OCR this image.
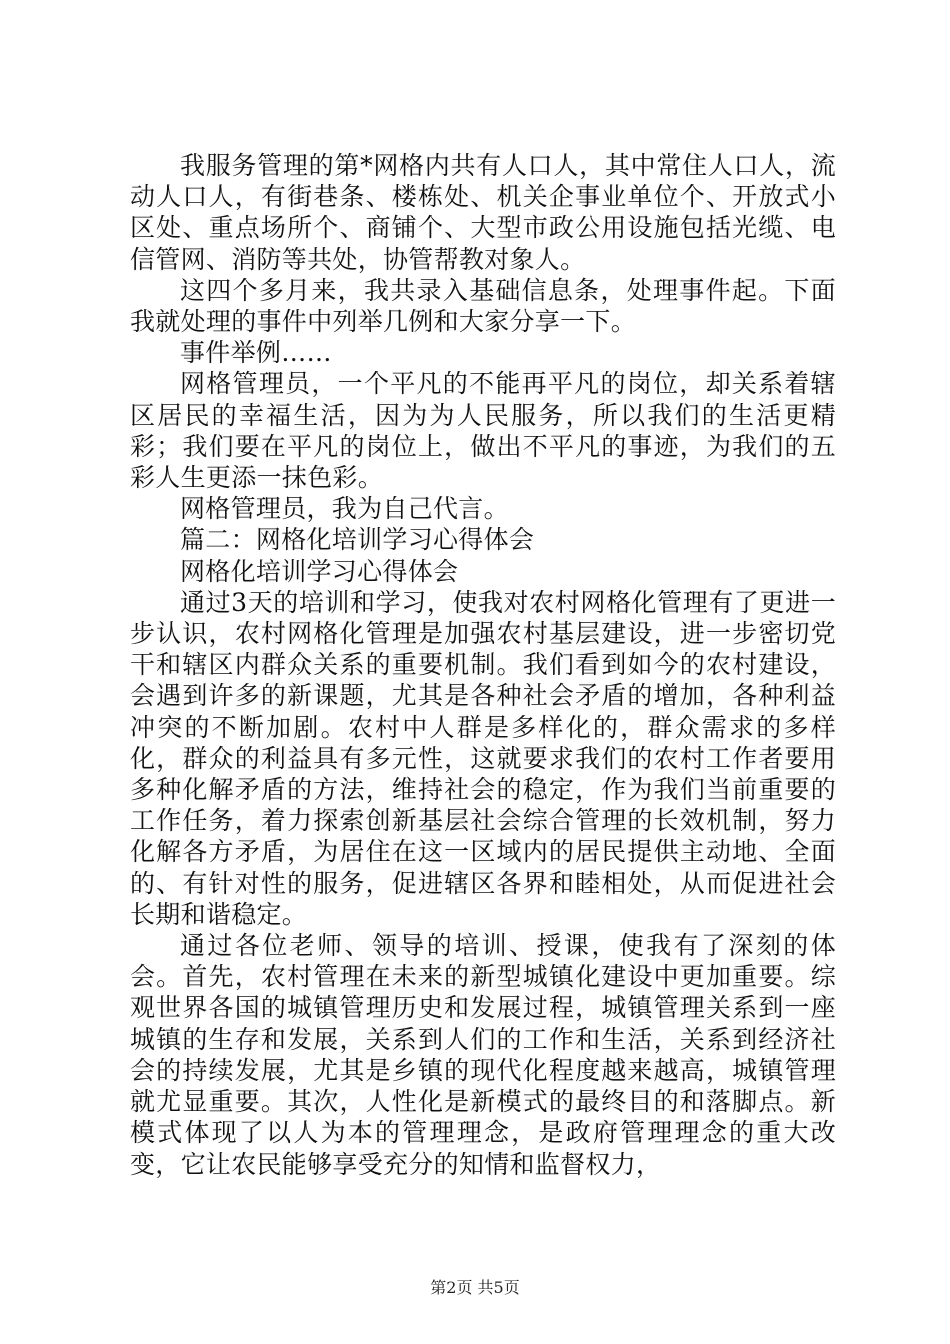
我服务管理的第*网格内共有人口人，其中常住人口人，流动人口人，有街巷条、楼栋处、机关企事业单位个、开放式小区处、重点场所个、商铺个、大型市政公用设施包括光缆、电信管网、消防等共处，协管帮教对象人。

这四个多月来，我共录入基础信息条，处理事件起。下面我就处理的事件中列举几例和大家分享一下。

事件举例……

网格管理员，一个平凡的不能再平凡的岗位，却关系着辖区居民的幸福生活，因为为人民服务，所以我们的生活更精彩；我们要在平凡的岗位上，做出不平凡的事迹，为我们的五彩人生更添一抹色彩。

网格管理员，我为自己代言。

篇二：网格化培训学习心得体会

网格化培训学习心得体会

通过3天的培训和学习，使我对农村网格化管理有了更进一步认识，农村网格化管理是加强农村基层建设，进一步密切党干和辖区内群众关系的重要机制。我们看到如今的农村建设，会遇到许多的新课题，尤其是各种社会矛盾的增加，各种利益冲突的不断加剧。农村中人群是多样化的，群众需求的多样化，群众的利益具有多元性，这就要求我们的农村工作者要用多种化解矛盾的方法，维持社会的稳定，作为我们当前重要的工作任务，着力探索创新基层社会综合管理的长效机制，努力化解各方矛盾，为居住在这一区域内的居民提供主动地、全面的、有针对性的服务，促进辖区各界和睦相处，从而促进社会长期和谐稳定。

通过各位老师、领导的培训、授课，使我有了深刻的体会。首先，农村管理在未来的新型城镇化建设中更加重要。综观世界各国的城镇管理历史和发展过程，城镇管理关系到一座城镇的生存和发展，关系到人们的工作和生活，关系到经济社会的持续发展，尤其是乡镇的现代化程度越来越高，城镇管理就尤显重要。其次，人性化是新模式的最终目的和落脚点。新模式体现了以人为本的管理理念，是政府管理理念的重大改变，它让农民能够享受充分的知情和监督权力，

第2页 共5页
